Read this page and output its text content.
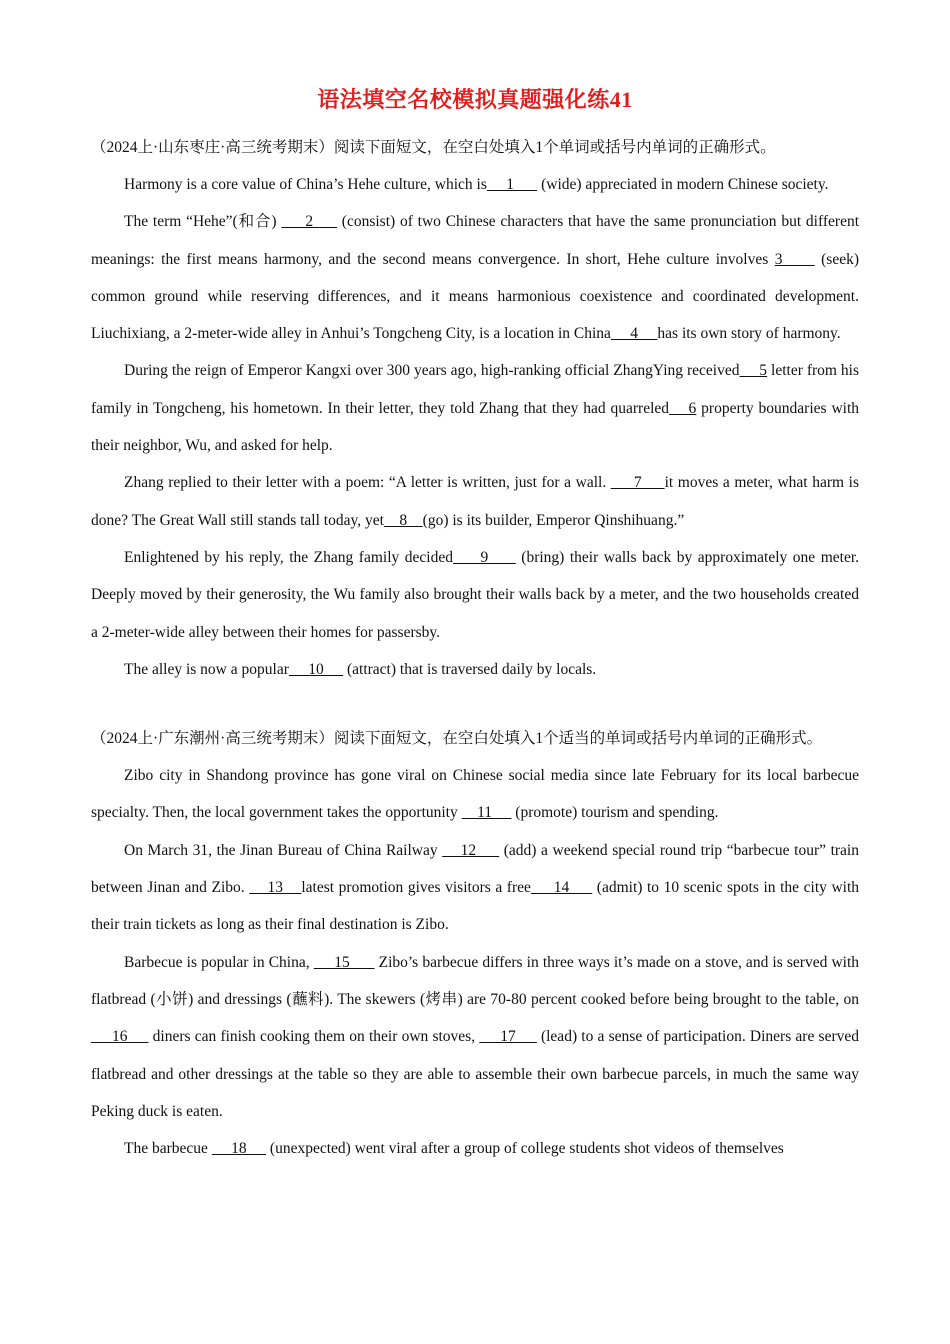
语法填空名校模拟真题强化练41

（2024上·山东枣庄·高三统考期末）阅读下面短文，在空白处填入1个单词或括号内单词的正确形式。

Harmony is a core value of China’s Hehe culture, which is     1       (wide) appreciated in modern Chinese society.

The term “Hehe”(和合)      2      (consist) of two Chinese characters that have the same pronunciation but different meanings: the first means harmony, and the second means convergence. In short, Hehe culture involves 3      (seek) common ground while reserving differences, and it means harmonious coexistence and coordinated development. Liuchixiang, a 2-meter-wide alley in Anhui’s Tongcheng City, is a location in China     4     has its own story of harmony.

During the reign of Emperor Kangxi over 300 years ago, high-ranking official ZhangYing received     5 letter from his family in Tongcheng, his hometown. In their letter, they told Zhang that they had quarreled    6 property boundaries with their neighbor, Wu, and asked for help.

Zhang replied to their letter with a poem: “A letter is written, just for a wall.      7     it moves a meter, what harm is done? The Great Wall still stands tall today, yet    8    (go) is its builder, Emperor Qinshihuang.”

Enlightened by his reply, the Zhang family decided     9      (bring) their walls back by approximately one meter. Deeply moved by their generosity, the Wu family also brought their walls back by a meter, and the two households created a 2-meter-wide alley between their homes for passersby.

The alley is now a popular     10      (attract) that is traversed daily by locals.

（2024上·广东潮州·高三统考期末）阅读下面短文，在空白处填入1个适当的单词或括号内单词的正确形式。

Zibo city in Shandong province has gone viral on Chinese social media since late February for its local barbecue specialty. Then, the local government takes the opportunity     11      (promote) tourism and spending.

On March 31, the Jinan Bureau of China Railway     12      (add) a weekend special round trip “barbecue tour” train between Jinan and Zibo.     13    latest promotion gives visitors a free     14      (admit) to 10 scenic spots in the city with their train tickets as long as their final destination is Zibo.

Barbecue is popular in China,      15       Zibo’s barbecue differs in three ways it’s made on a stove, and is served with flatbread (小饼) and dressings (蘸料). The skewers (烤串) are 70-80 percent cooked before being brought to the table, on     16      diners can finish cooking them on their own stoves,      17      (lead) to a sense of participation. Diners are served flatbread and other dressings at the table so they are able to assemble their own barbecue parcels, in much the same way Peking duck is eaten.

The barbecue      18      (unexpected) went viral after a group of college students shot videos of themselves
